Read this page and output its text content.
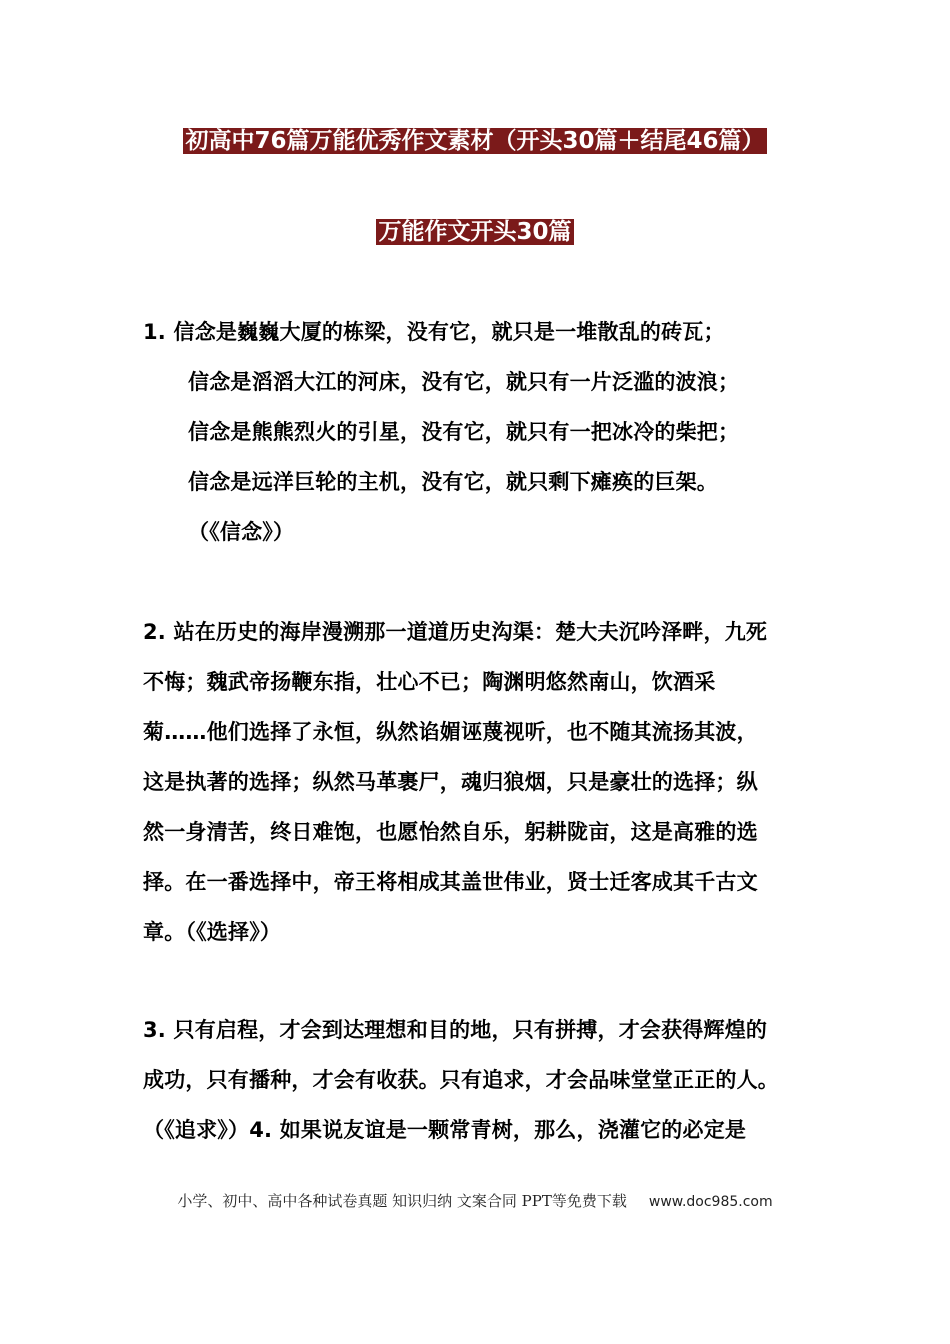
初高中76篇万能优秀作文素材（开头30篇＋结尾46篇）
万能作文开头30篇
1. 信念是巍巍大厦的栋梁，没有它，就只是一堆散乱的砖瓦；
信念是滔滔大江的河床，没有它，就只有一片泛滥的波浪；
信念是熊熊烈火的引星，没有它，就只有一把冰冷的柴把；
信念是远洋巨轮的主机，没有它，就只剩下瘫痪的巨架。
（《信念》）
2. 站在历史的海岸漫溯那一道道历史沟渠：楚大夫沉吟泽畔，九死
不悔；魏武帝扬鞭东指，壮心不已；陶渊明悠然南山，饮酒采
菊……他们选择了永恒，纵然谄媚诬蔑视听，也不随其流扬其波，
这是执著的选择；纵然马革裹尸，魂归狼烟，只是豪壮的选择；纵
然一身清苦，终日难饱，也愿怡然自乐，躬耕陇亩，这是高雅的选
择。在一番选择中，帝王将相成其盖世伟业，贤士迁客成其千古文
章。（《选择》）
3. 只有启程，才会到达理想和目的地，只有拼搏，才会获得辉煌的
成功，只有播种，才会有收获。只有追求，才会品味堂堂正正的人。
（《追求》）4. 如果说友谊是一颗常青树，那么，浇灌它的必定是
小学、初中、高中各种试卷真题 知识归纳 文案合同 PPT等免费下载 www.doc985.com
